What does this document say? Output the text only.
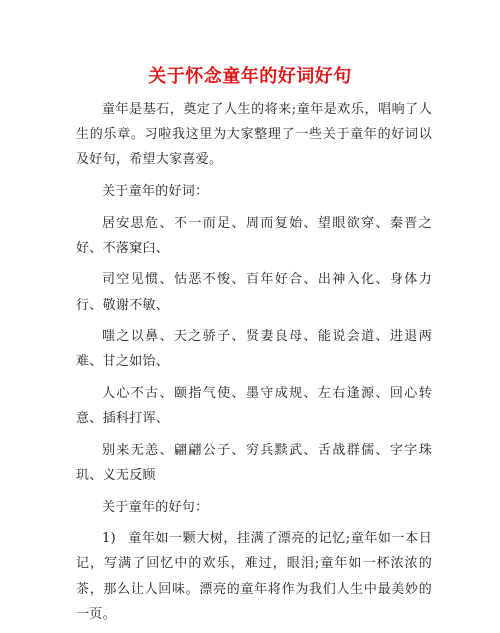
关于怀念童年的好词好句

童年是基石，奠定了人生的将来;童年是欢乐，唱响了人生的乐章。习啦我这里为大家整理了一些关于童年的好词以及好句，希望大家喜爱。

关于童年的好词：

居安思危、不一而足、周而复始、望眼欲穿、秦晋之好、不落窠臼、

司空见惯、怙恶不悛、百年好合、出神入化、身体力行、敬谢不敏、

嗤之以鼻、天之骄子、贤妻良母、能说会道、进退两难、甘之如饴、

人心不古、颐指气使、墨守成规、左右逢源、回心转意、插科打诨、

别来无恙、翩翩公子、穷兵黩武、舌战群儒、字字珠玑、义无反顾

关于童年的好句：

1) 童年如一颗大树，挂满了漂亮的记忆;童年如一本日记，写满了回忆中的欢乐，难过，眼泪;童年如一杯浓浓的茶，那么让人回味。漂亮的童年将作为我们人生中最美妙的一页。
